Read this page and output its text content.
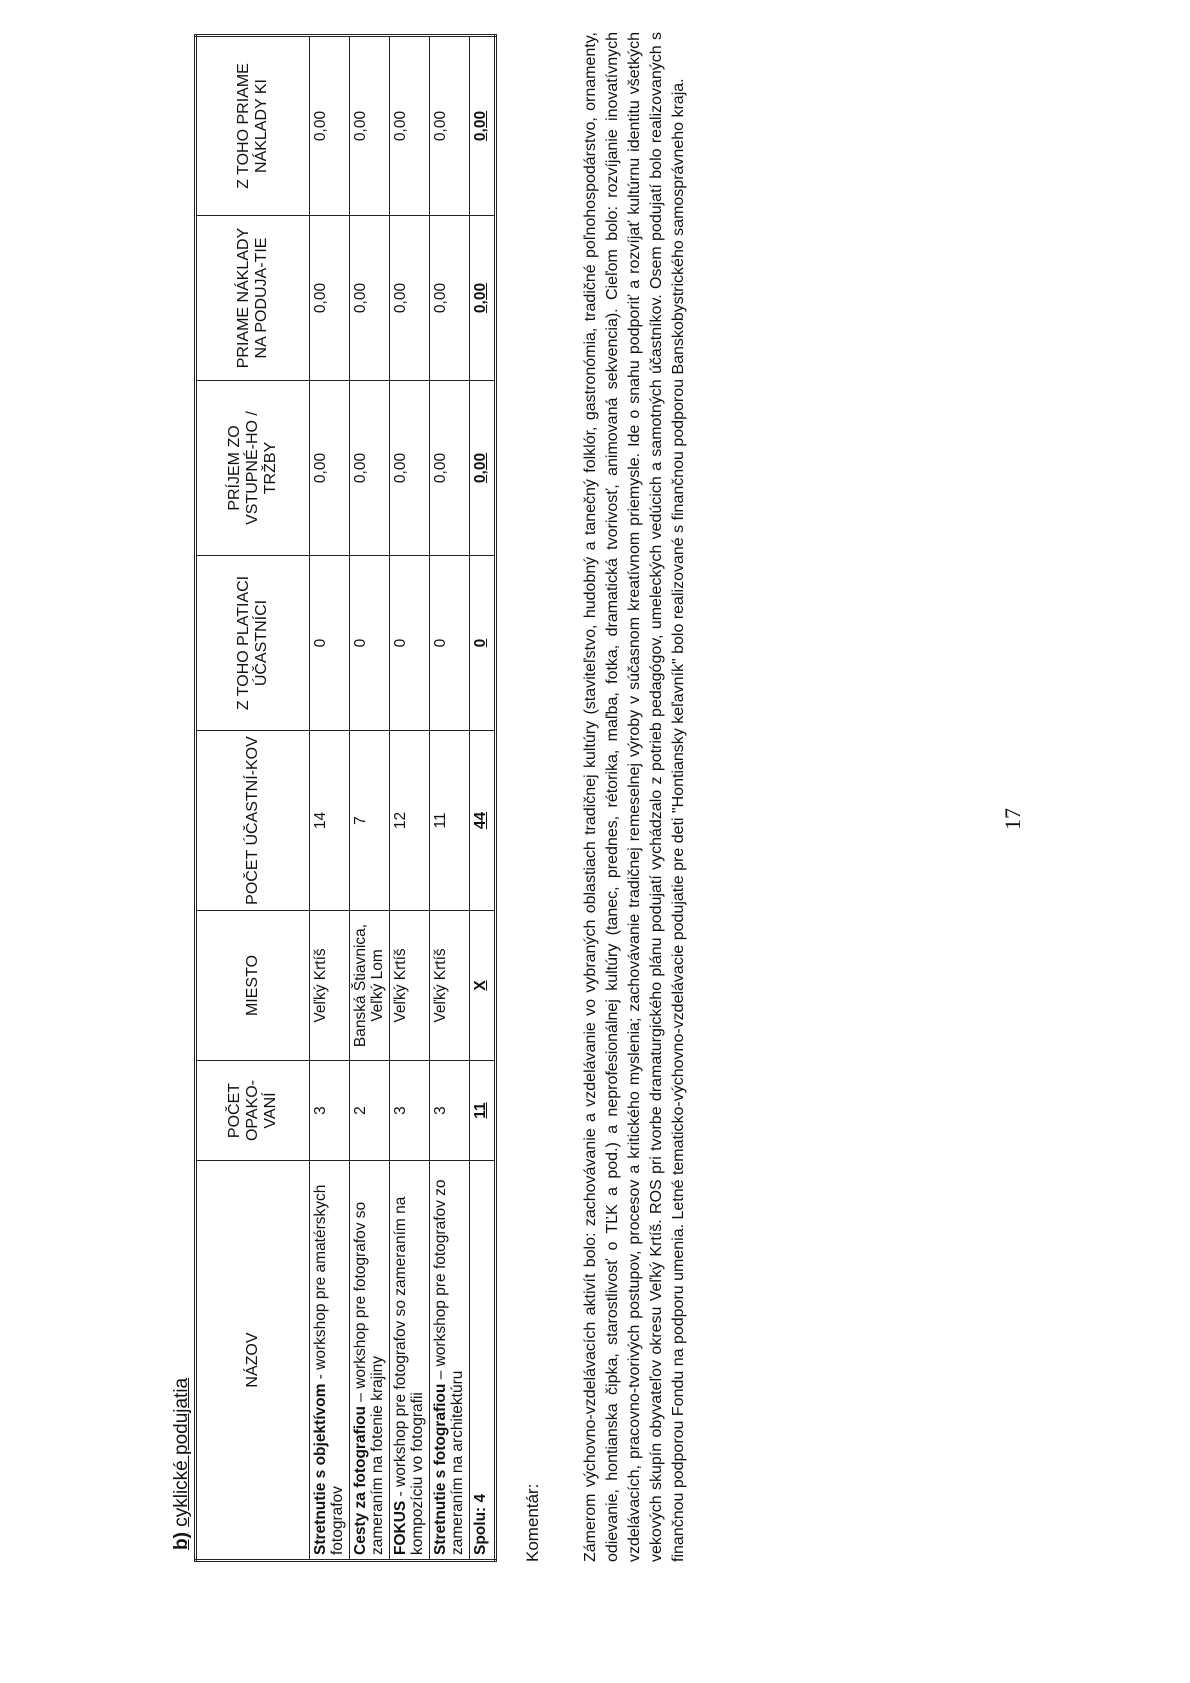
b) cyklické podujatia
NÁZOV	POČET OPAKO-VANÍ	MIESTO	POČET ÚČASTNÍ-KOV	Z TOHO PLATIACI ÚČASTNÍCI	PRÍJEM ZO VSTUPNÉ-HO / TRŽBY	PRIAME NÁKLADY NA PODUJA-TIE	Z TOHO PRIAME NÁKLADY KI
Stretnutie s objektívom - workshop pre amatérskych fotografov	3	Veľký Krtíš	14	0	0,00	0,00	0,00
Cesty za fotografiou – workshop pre fotografov so zameraním na fotenie krajiny	2	Banská Štiavnica, Veľký Lom	7	0	0,00	0,00	0,00
FOKUS - workshop pre fotografov so zameraním na kompozíciu vo fotografii	3	Veľký Krtíš	12	0	0,00	0,00	0,00
Stretnutie s fotografiou – workshop pre fotografov zo zameraním na architektúru	3	Veľký Krtíš	11	0	0,00	0,00	0,00
Spolu: 4	11	X	44	0	0,00	0,00	0,00
Komentár:	Zámerom výchovno-vzdelávacích aktivít bolo: zachovávanie a vzdelávanie vo vybraných oblastiach tradičnej kultúry (staviteľstvo, hudobný a tanečný folklór, gastronómia, tradičné poľnohospodárstvo, ornamenty, odievanie, hontianska čipka, starostlivosť o TĽK a pod.) a neprofesionálnej kultúry (tanec, prednes, rétorika, maľba, fotka, dramatická tvorivosť, animovaná sekvencia). Cieľom bolo: rozvíjanie inovatívnych vzdelávacích, pracovno-tvorivých postupov, procesov a kritického myslenia; zachovávanie tradičnej remeselnej výroby v súčasnom kreatívnom priemysle. Ide o snahu podporiť a rozvíjať kultúrnu identitu všetkých vekových skupín obyvateľov okresu Veľký Krtíš. ROS pri tvorbe dramaturgického plánu podujatí vychádzalo z potrieb pedagógov, umeleckých vedúcich a samotných účastníkov. Osem podujatí bolo realizovaných s finančnou podporou Fondu na podporu umenia. Letné tematicko-výchovno-vzdelávacie podujatie pre deti "Hontiansky keľavník" bolo realizované s finančnou podporou Banskobystrického samosprávneho kraja.	17
